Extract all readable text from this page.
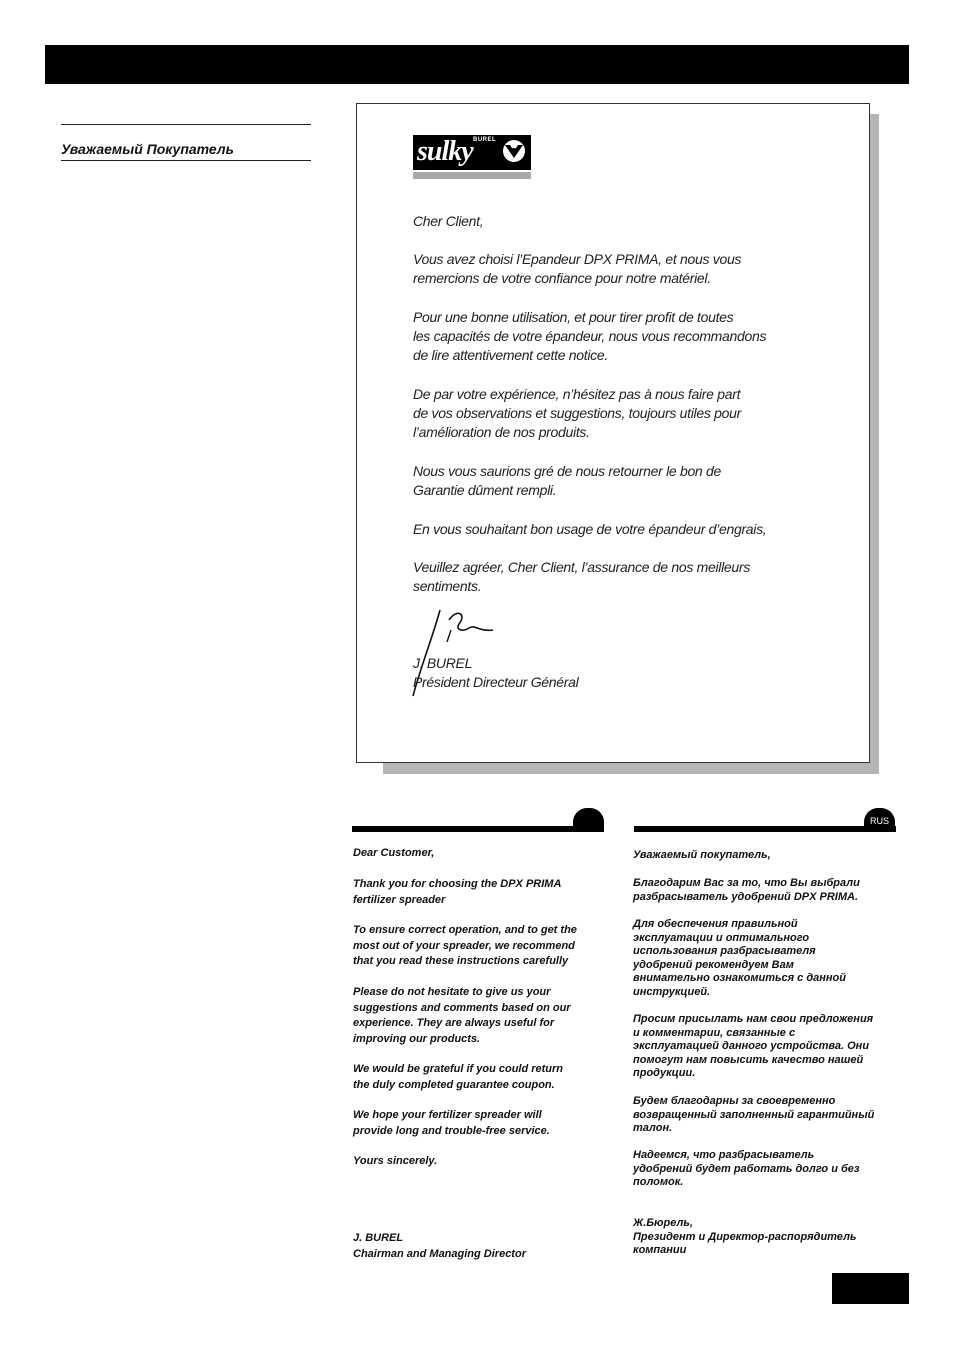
Уважаемый Покупатель	sulky BUREL
Cher Client,
Vous avez choisi l’Epandeur DPX PRIMA, et nous vous
remercions de votre confiance pour notre matériel.
Pour une bonne utilisation, et pour tirer profit de toutes
les capacités de votre épandeur, nous vous recommandons
de lire attentivement cette notice.
De par votre expérience, n’hésitez pas à nous faire part
de vos observations et suggestions, toujours utiles pour
l’amélioration de nos produits.
Nous vous saurions gré de nous retourner le bon de
Garantie dûment rempli.
En vous souhaitant bon usage de votre épandeur d’engrais,
Veuillez agréer, Cher Client, l’assurance de nos meilleurs
sentiments.
J. BUREL
Président Directeur Général
Dear Customer,
Thank you for choosing the DPX PRIMA
fertilizer spreader
To ensure correct operation, and to get the
most out of your spreader, we recommend
that you read these instructions carefully
Please do not hesitate to give us your
suggestions and comments based on our
experience. They are always useful for
improving our products.
We would be grateful if you could return
the duly completed guarantee coupon.
We hope your fertilizer spreader will
provide long and trouble-free service.
Yours sincerely.
J. BUREL
Chairman and Managing Director
RUS
Уважаемый покупатель,
Благодарим Вас за то, что Вы выбрали
разбрасыватель удобрений DPX PRIMA.
Для обеспечения правильной
эксплуатации и оптимального
использования разбрасывателя
удобрений рекомендуем Вам
внимательно ознакомиться с данной
инструкцией.
Просим присылать нам свои предложения
и комментарии, связанные с
эксплуатацией данного устройства. Они
помогут нам повысить качество нашей
продукции.
Будем благодарны за своевременно
возвращенный заполненный гарантийный
талон.
Надеемся, что разбрасыватель
удобрений будет работать долго и без
поломок.
Ж.Бюрель,
Президент и Директор-распорядитель
компании
